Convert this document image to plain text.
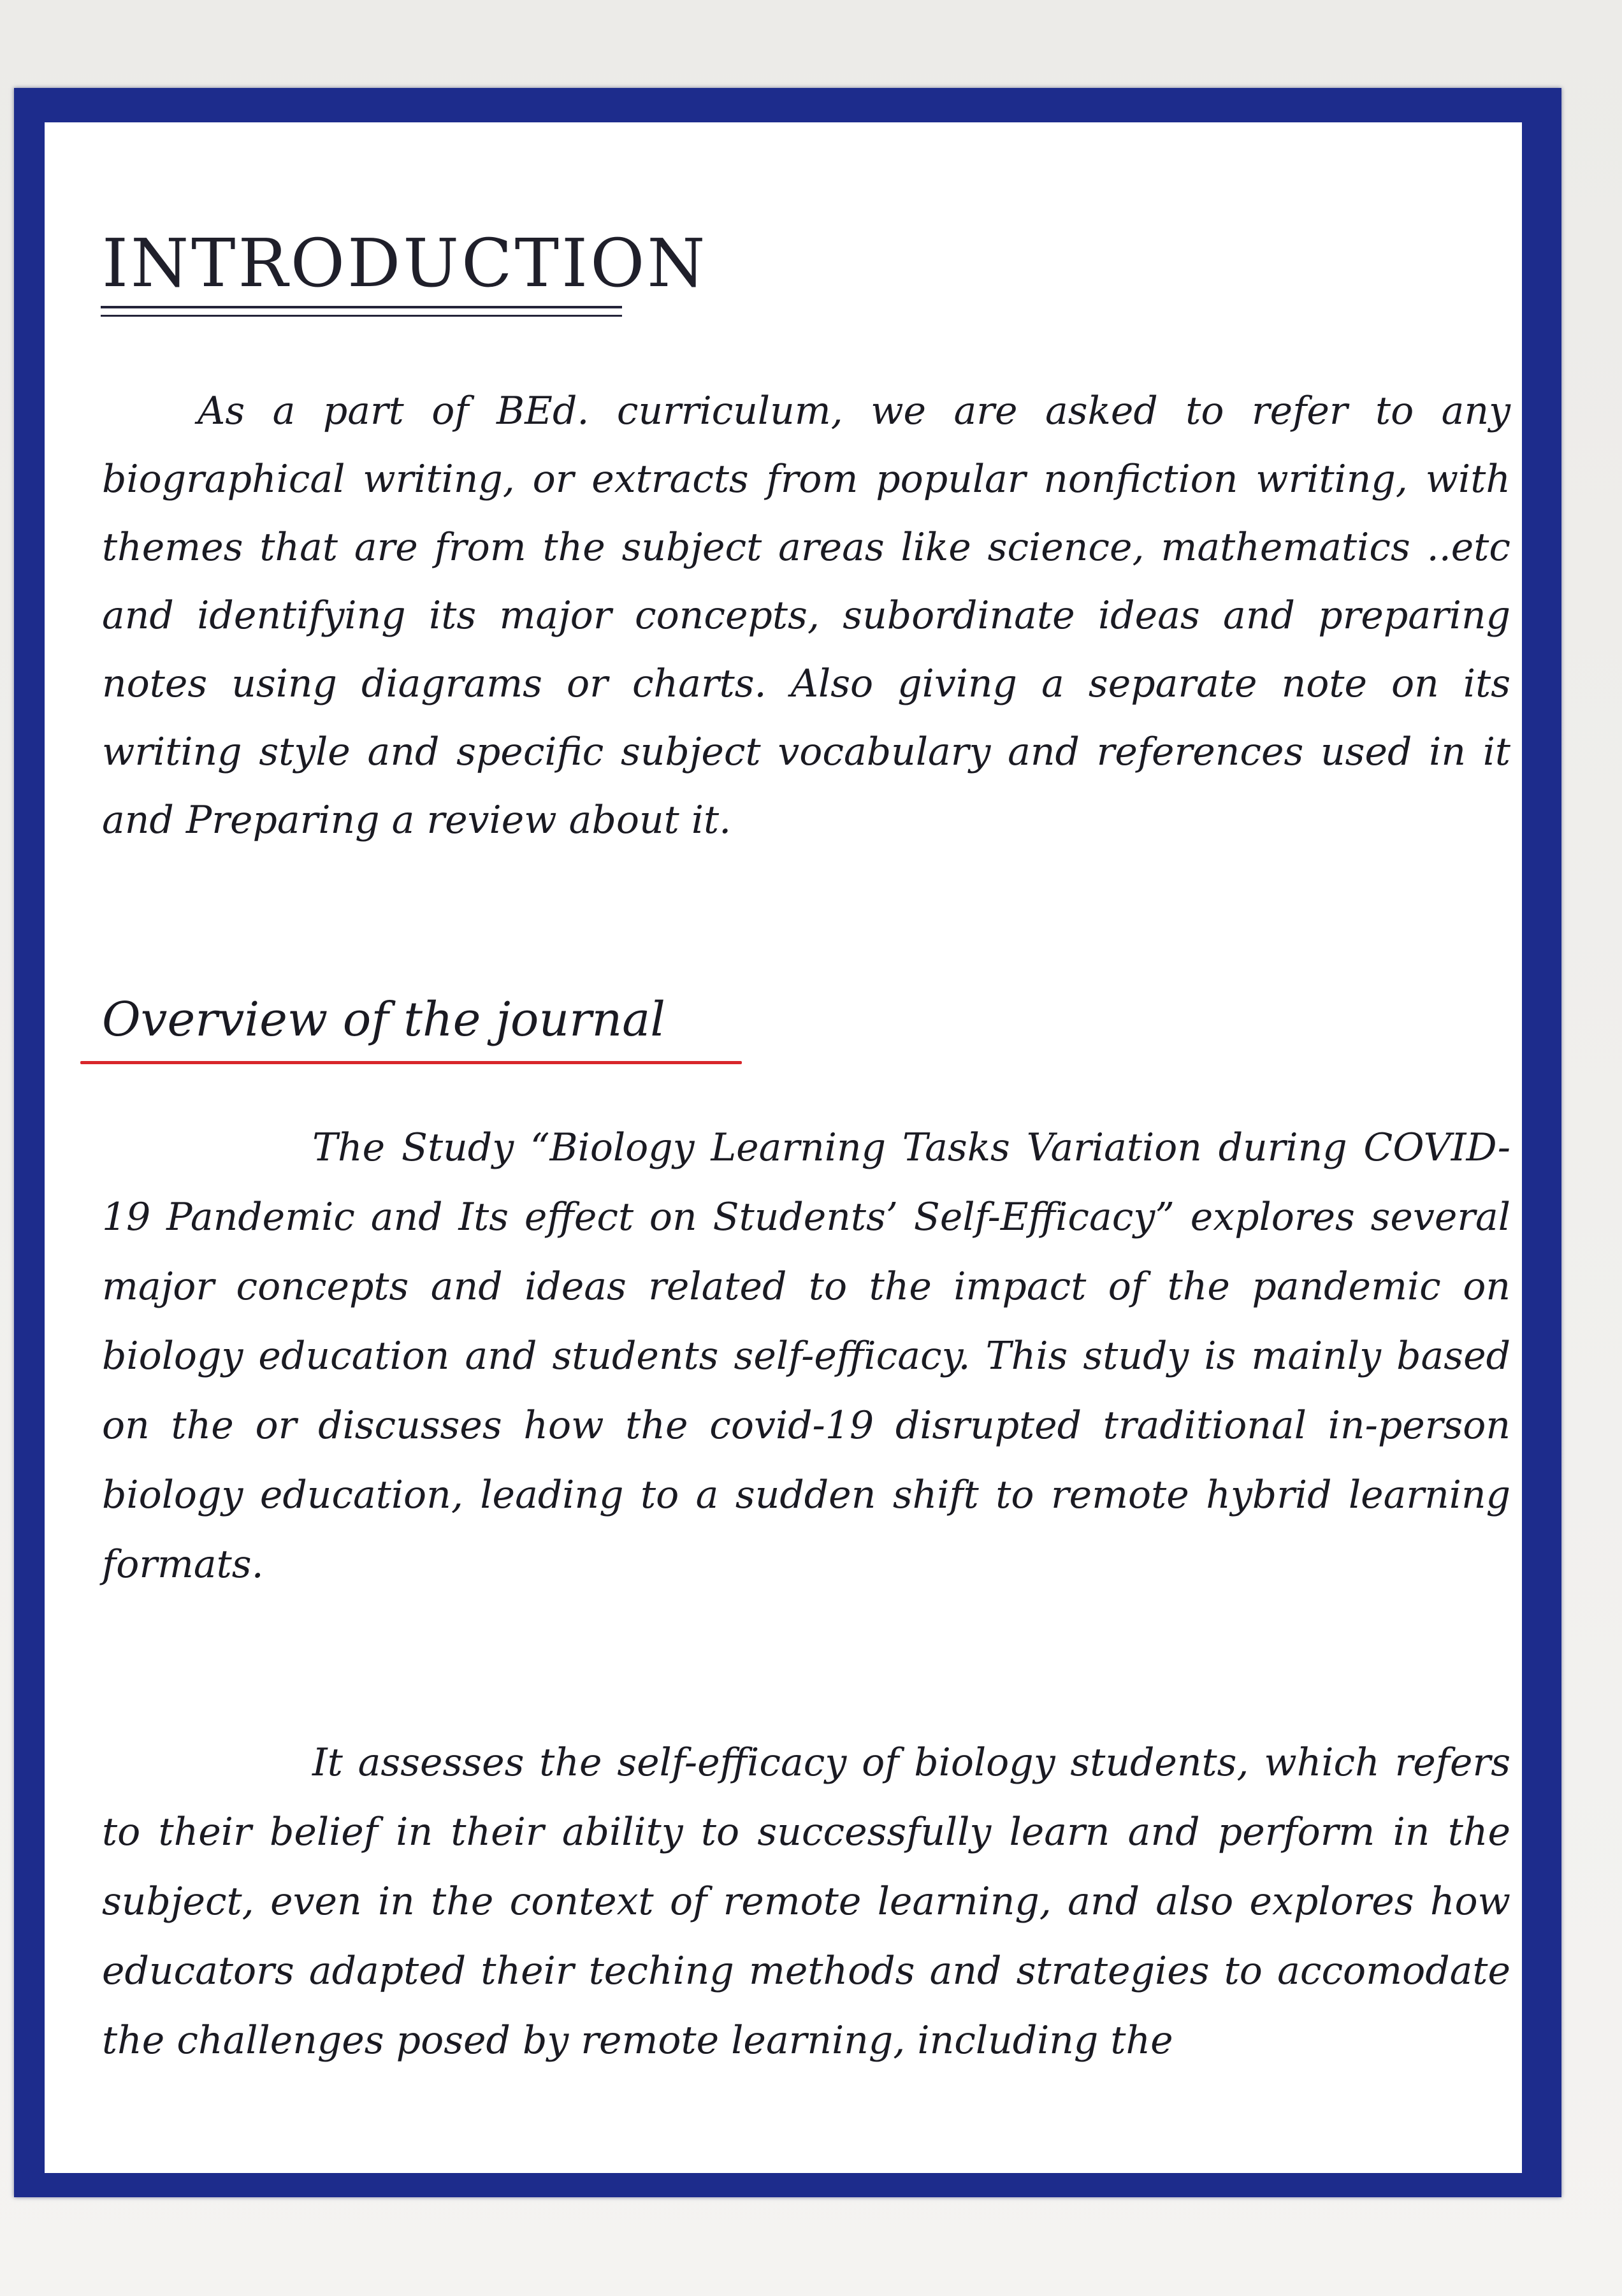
INTRODUCTION

As a part of BEd. curriculum, we are asked to refer to any biographical writing, or extracts from popular nonfiction writing, with themes that are from the subject areas like science, mathematics ..etc and identifying its major concepts, subordinate ideas and preparing notes using diagrams or charts. Also giving a separate note on its writing style and specific subject vocabulary and references used in it and Preparing a review about it.

Overview of the journal

The Study “Biology Learning Tasks Variation during COVID-19 Pandemic and Its effect on Students’ Self-Efficacy” explores several major concepts and ideas related to the impact of the pandemic on biology education and students self-efficacy. This study is mainly based on the or discusses how the covid-19 disrupted traditional in-person biology education, leading to a sudden shift to remote hybrid learning formats.

It assesses the self-efficacy of biology students, which refers to their belief in their ability to successfully learn and perform in the subject, even in the context of remote learning, and also explores how educators adapted their teching methods and strategies to accomodate the challenges posed by remote learning, including the
